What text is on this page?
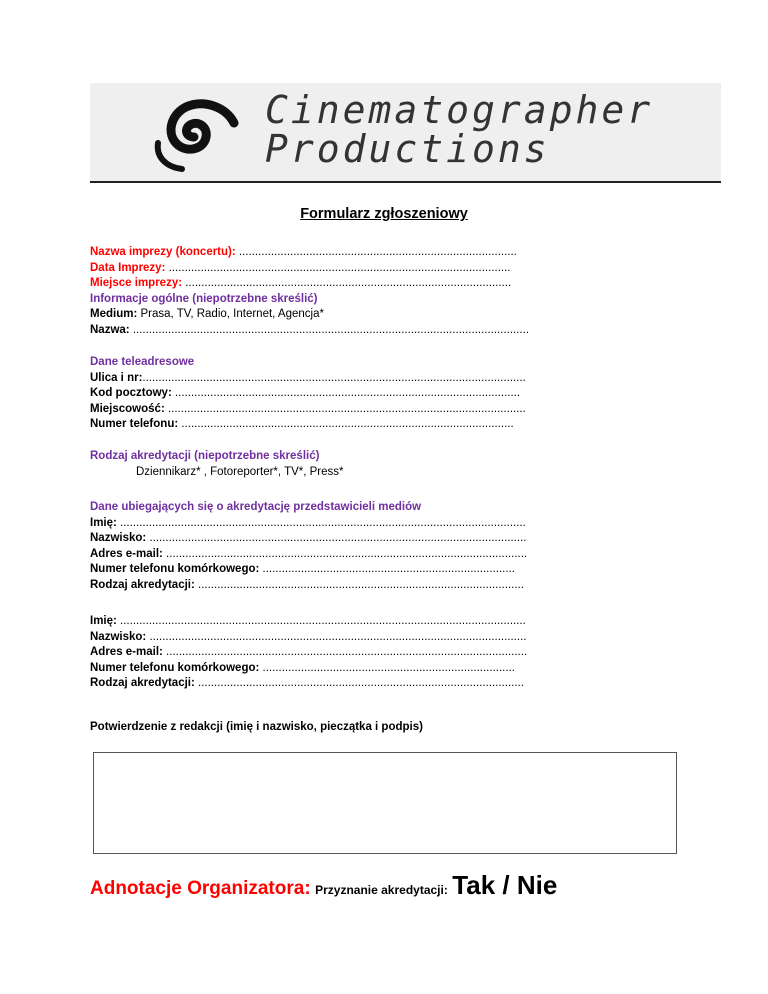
Cinematographer
Productions
Formularz zgłoszeniowy
Nazwa imprezy (koncertu): .......................................................................................
Data Imprezy: ...........................................................................................................
Miejsce imprezy: ......................................................................................................
Informacje ogólne (niepotrzebne skreślić)
Medium: Prasa, TV, Radio, Internet, Agencja*
Nazwa: ............................................................................................................................
Dane teleadresowe
Ulica i nr:........................................................................................................................
Kod pocztowy: ............................................................................................................
Miejscowość: ................................................................................................................
Numer telefonu: ........................................................................................................
Rodzaj akredytacji (niepotrzebne skreślić)
Dziennikarz* , Fotoreporter*, TV*, Press*
Dane ubiegających się o akredytację przedstawicieli mediów
Imię: ...............................................................................................................................
Nazwisko: ......................................................................................................................
Adres e-mail: .................................................................................................................
Numer telefonu komórkowego: ...............................................................................
Rodzaj akredytacji: ......................................................................................................
Imię: ...............................................................................................................................
Nazwisko: ......................................................................................................................
Adres e-mail: .................................................................................................................
Numer telefonu komórkowego: ...............................................................................
Rodzaj akredytacji: ......................................................................................................
Potwierdzenie z redakcji (imię i nazwisko, pieczątka i podpis)
Adnotacje Organizatora: Przyznanie akredytacji: Tak / Nie
